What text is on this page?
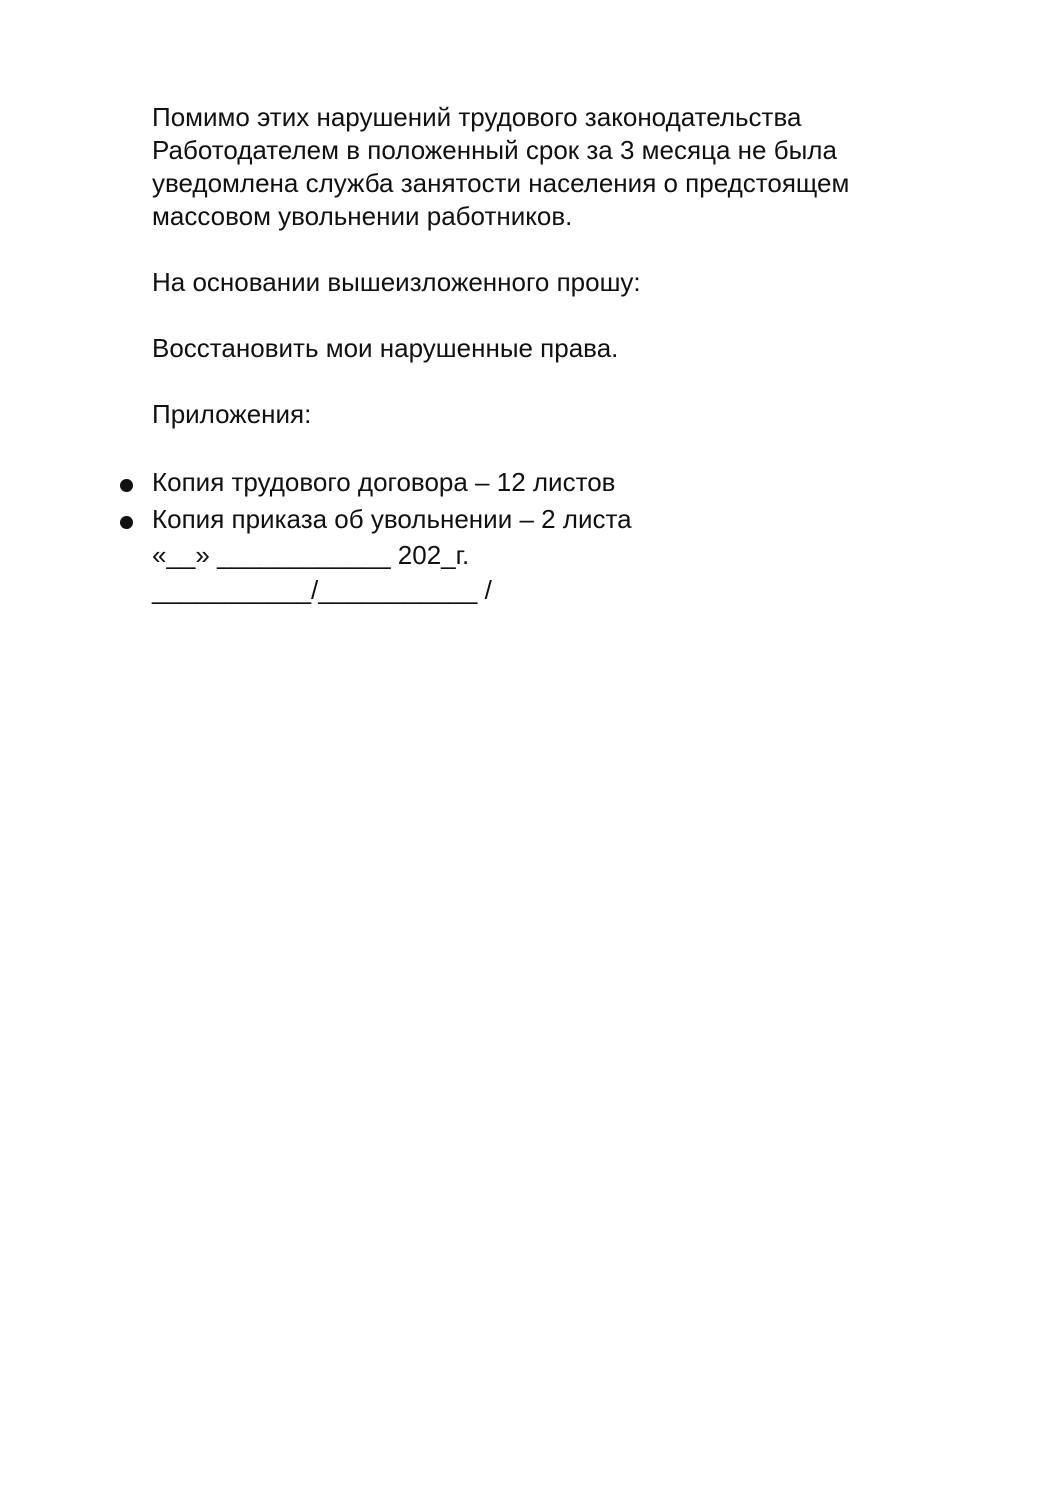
Помимо этих нарушений трудового законодательства
Работодателем в положенный срок за 3 месяца не была
уведомлена служба занятости населения о предстоящем
массовом увольнении работников.

На основании вышеизложенного прошу:

Восстановить мои нарушенные права.

Приложения:

Копия трудового договора – 12 листов
Копия приказа об увольнении – 2 листа

«__» ____________ 202_г.

___________/___________ /
